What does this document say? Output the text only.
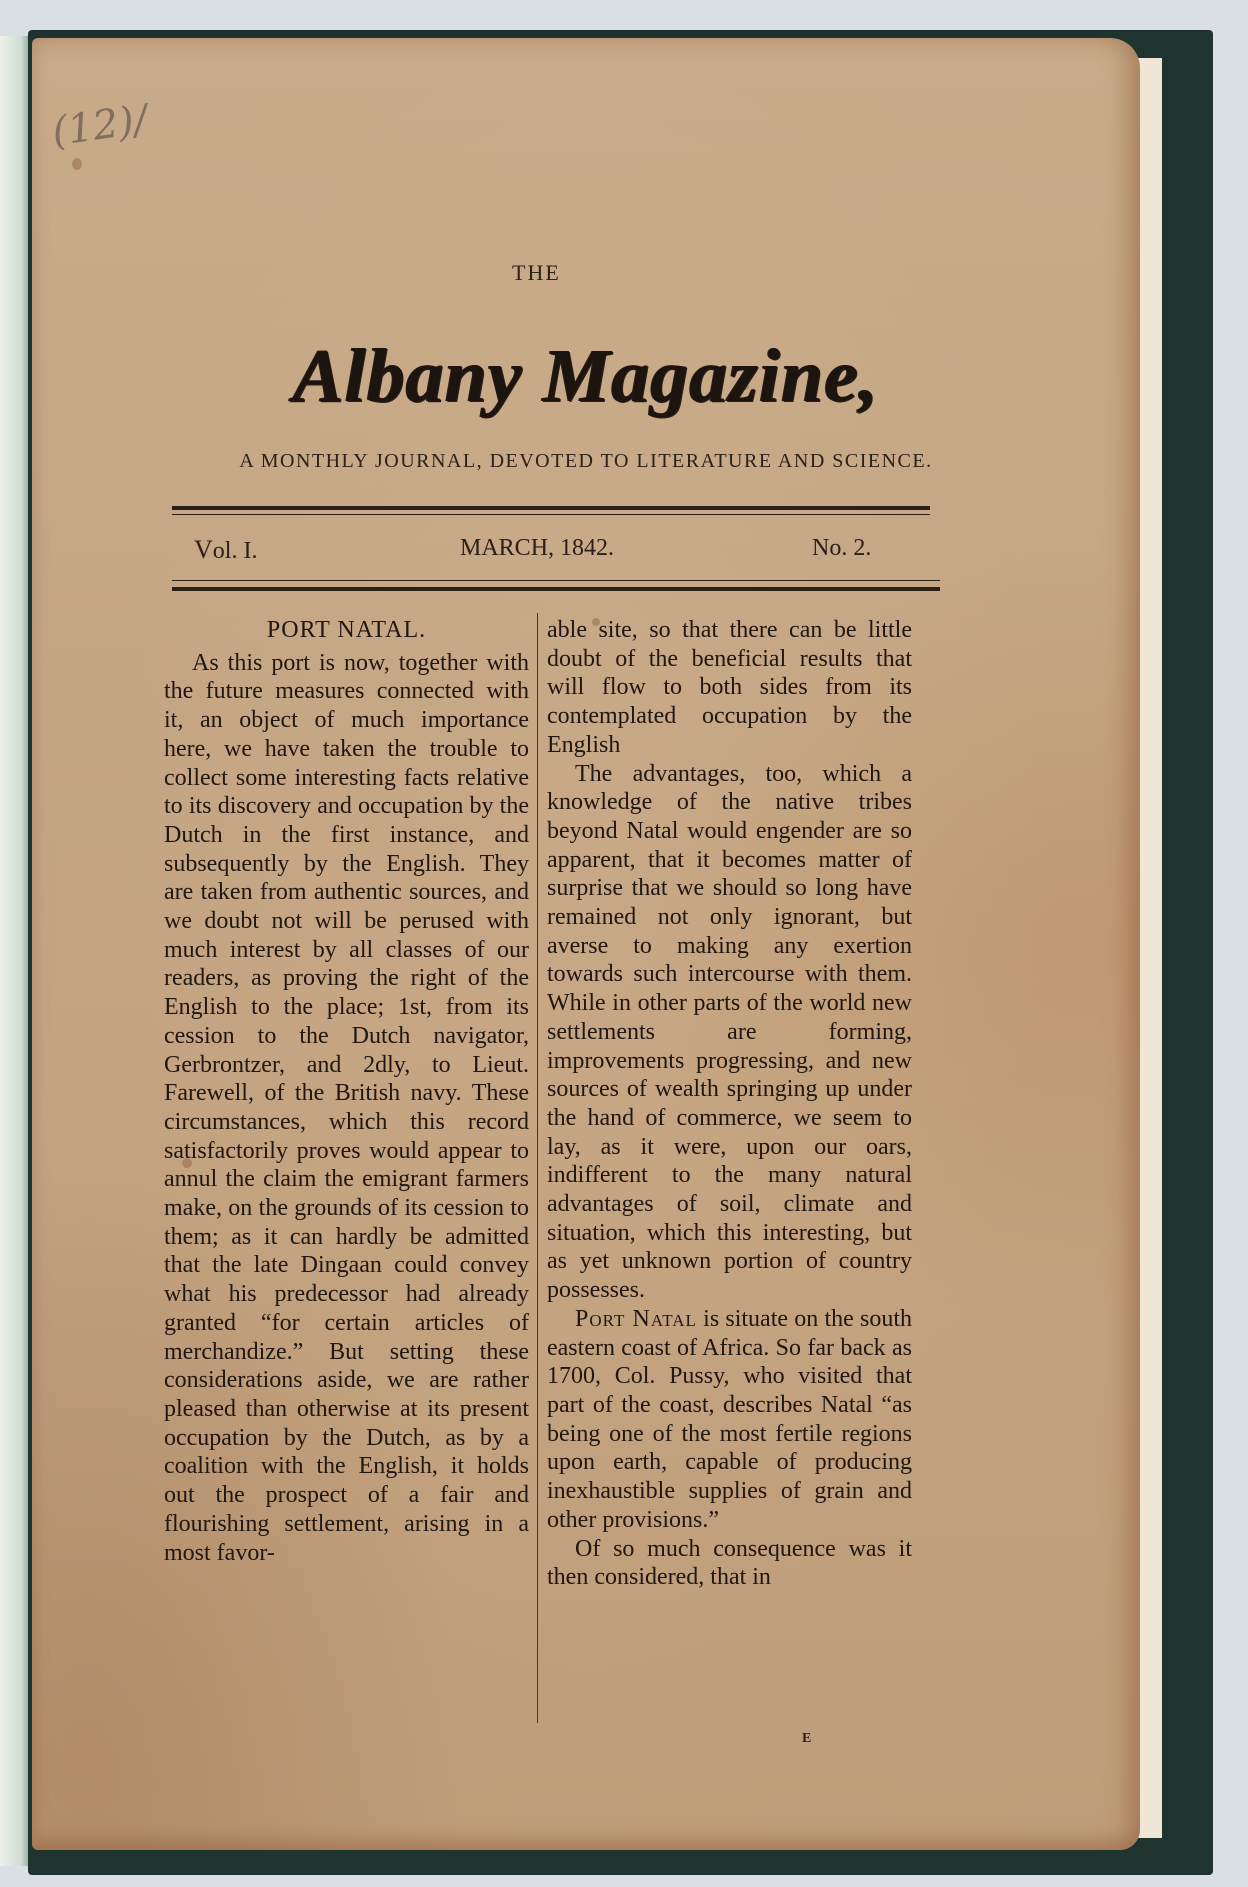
(12)/
THE
Albany Magazine,
A MONTHLY JOURNAL, DEVOTED TO LITERATURE AND SCIENCE.
Vol. I.	MARCH, 1842.	No. 2.
PORT NATAL.

As this port is now, together with the future measures connected with it, an object of much importance here, we have taken the trouble to collect some interesting facts relative to its discovery and occupation by the Dutch in the first instance, and subsequently by the English. They are taken from authentic sources, and we doubt not will be perused with much interest by all classes of our readers, as proving the right of the English to the place; 1st, from its cession to the Dutch navigator, Gerbrontzer, and 2dly, to Lieut. Farewell, of the British navy. These circumstances, which this record satisfactorily proves would appear to annul the claim the emigrant farmers make, on the grounds of its cession to them; as it can hardly be admitted that the late Dingaan could convey what his predecessor had already granted “for certain articles of merchandize.” But setting these considerations aside, we are rather pleased than otherwise at its present occupation by the Dutch, as by a coalition with the English, it holds out the prospect of a fair and flourishing settlement, arising in a most favor-

able site, so that there can be little doubt of the beneficial results that will flow to both sides from its contemplated occupation by the English

The advantages, too, which a knowledge of the native tribes beyond Natal would engender are so apparent, that it becomes matter of surprise that we should so long have remained not only ignorant, but averse to making any exertion towards such intercourse with them. While in other parts of the world new settlements are forming, improvements progressing, and new sources of wealth springing up under the hand of commerce, we seem to lay, as it were, upon our oars, indifferent to the many natural advantages of soil, climate and situation, which this interesting, but as yet unknown portion of country possesses.

Port Natal is situate on the south eastern coast of Africa. So far back as 1700, Col. Pussy, who visited that part of the coast, describes Natal “as being one of the most fertile regions upon earth, capable of producing inexhaustible supplies of grain and other provisions.”

Of so much consequence was it then considered, that in

E
